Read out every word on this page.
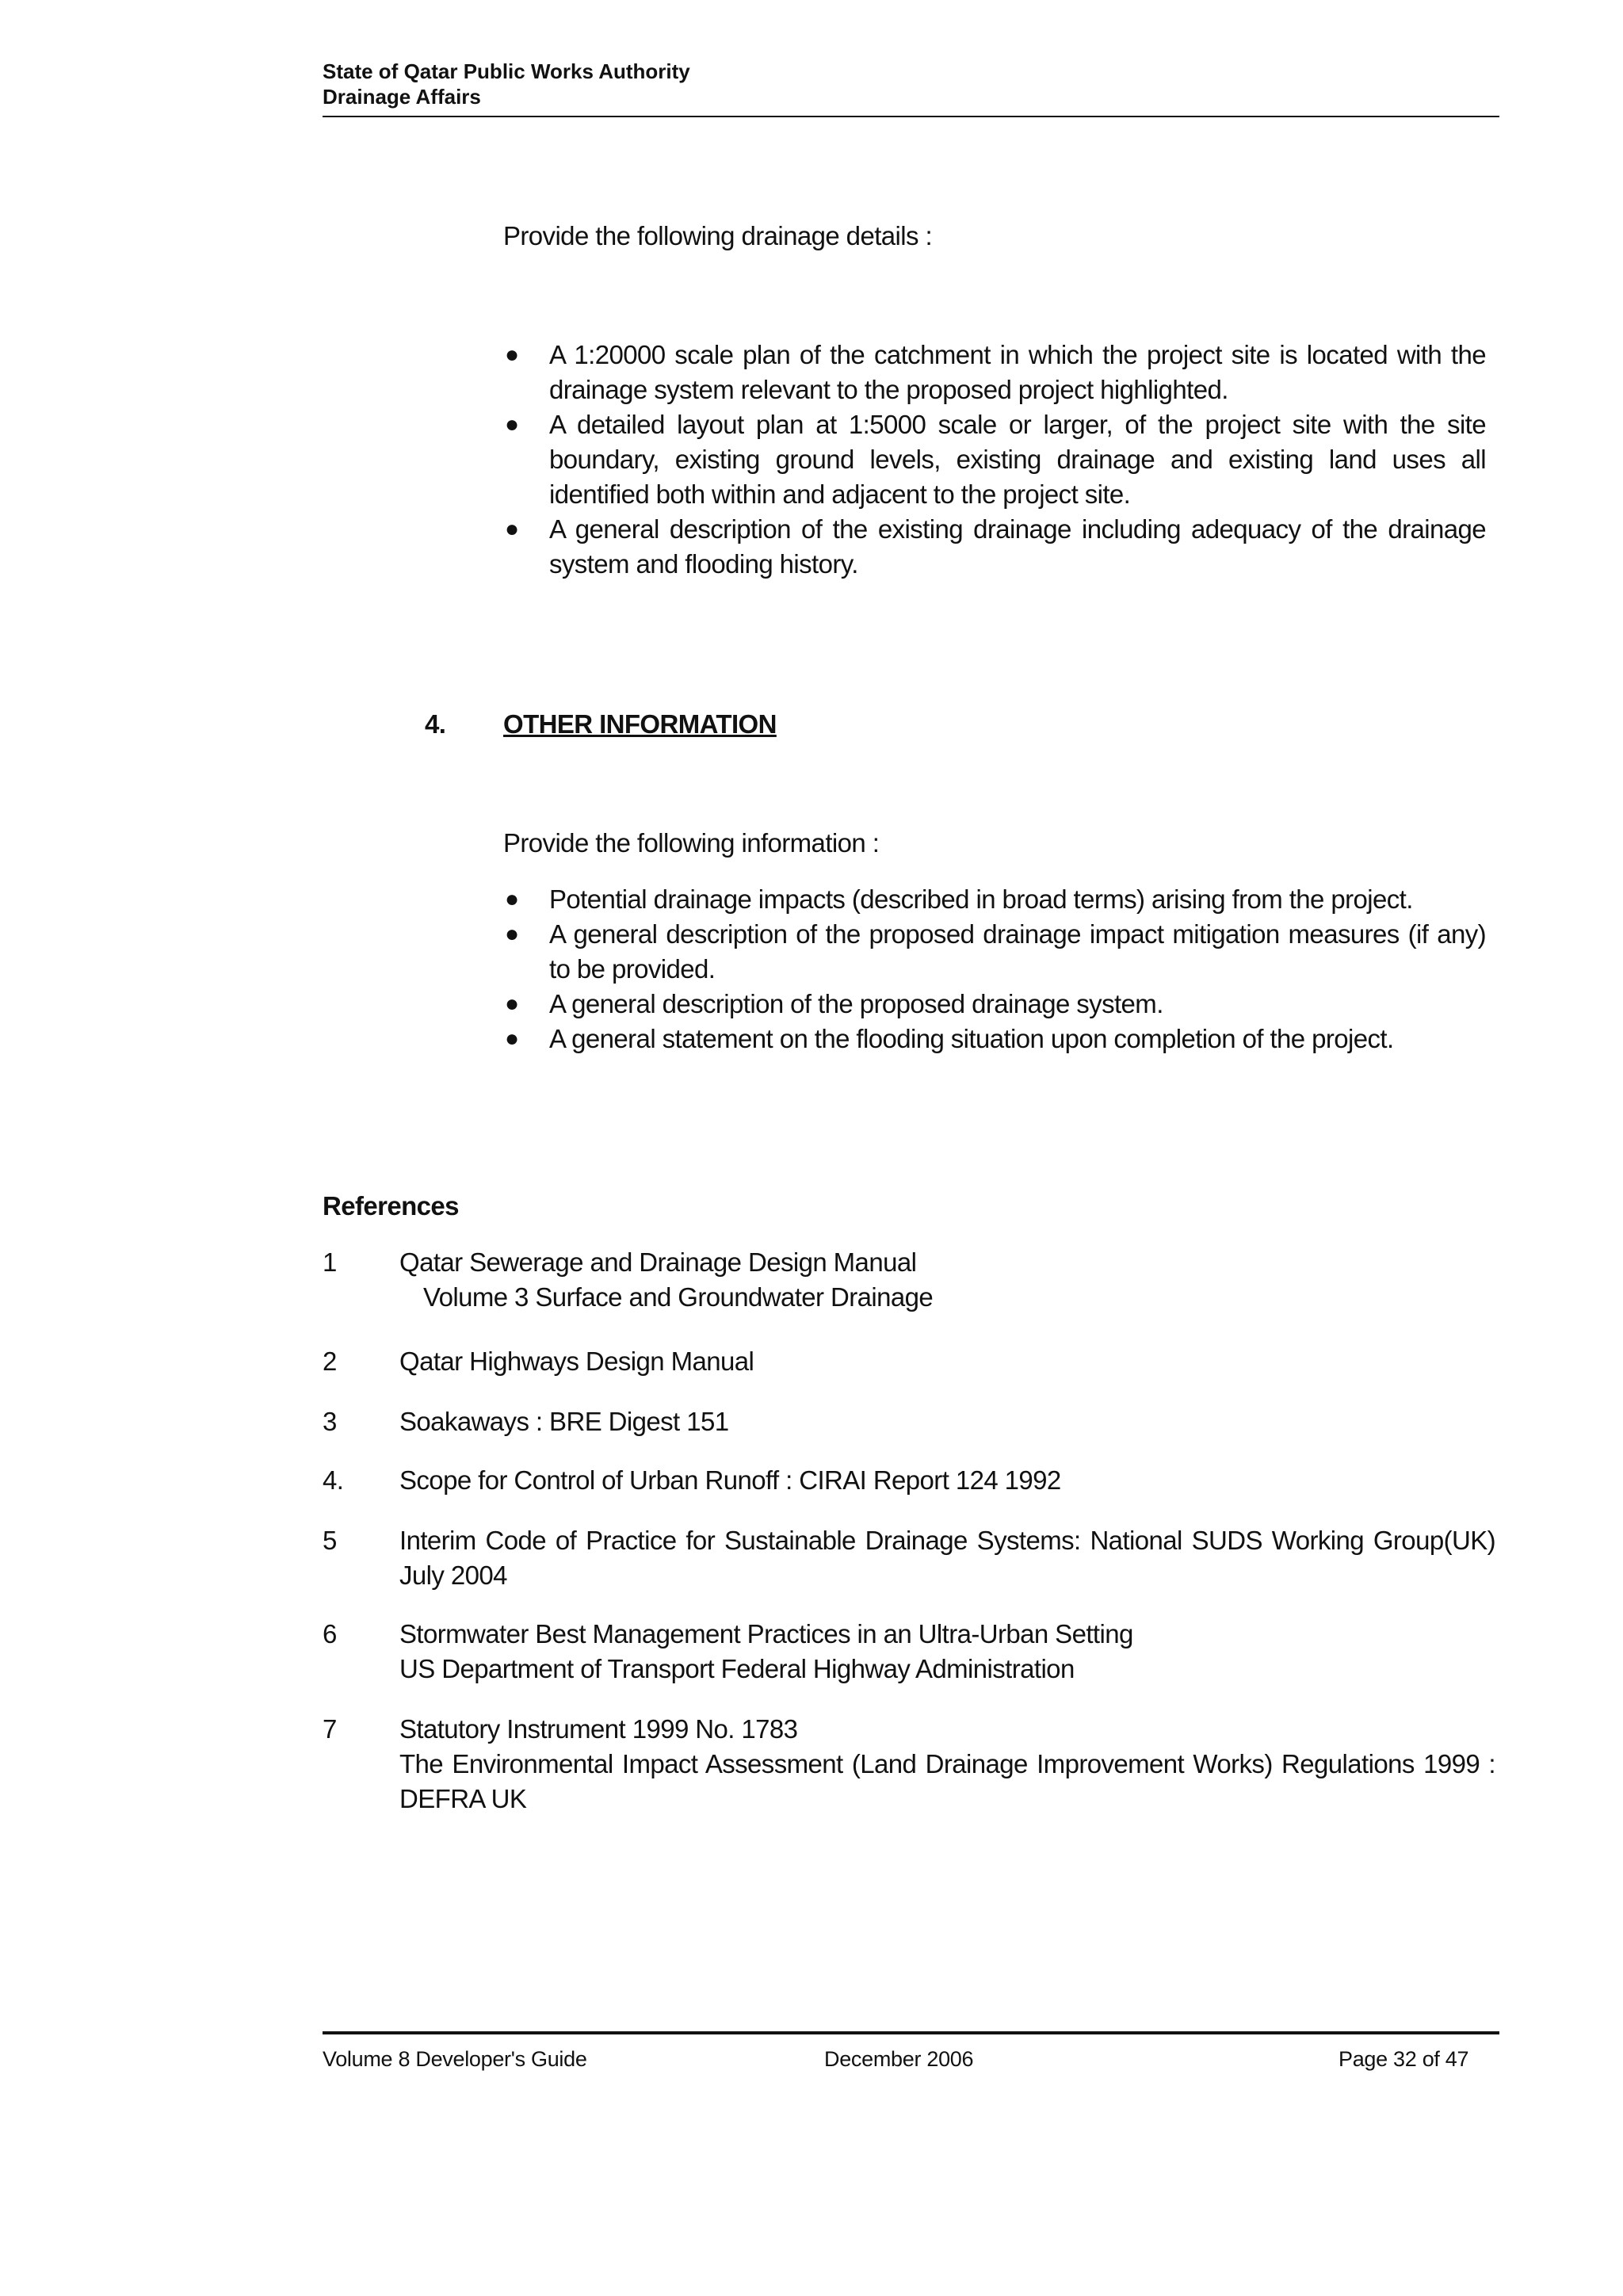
State of Qatar Public Works Authority
Drainage Affairs
Provide the following drainage details :
● A 1:20000 scale plan of the catchment in which the project site is located with the drainage system relevant to the proposed project highlighted.
● A detailed layout plan at 1:5000 scale or larger, of the project site with the site boundary, existing ground levels, existing drainage and existing land uses all identified both within and adjacent to the project site.
● A general description of the existing drainage including adequacy of the drainage system and flooding history.
4. OTHER INFORMATION
Provide the following information :
● Potential drainage impacts (described in broad terms) arising from the project.
● A general description of the proposed drainage impact mitigation measures (if any) to be provided.
● A general description of the proposed drainage system.
● A general statement on the flooding situation upon completion of the project.
References
1 Qatar Sewerage and Drainage Design Manual
Volume 3 Surface and Groundwater Drainage
2 Qatar Highways Design Manual
3 Soakaways : BRE Digest 151
4. Scope for Control of Urban Runoff : CIRAI Report 124 1992
5 Interim Code of Practice for Sustainable Drainage Systems: National SUDS Working Group(UK) July 2004
6 Stormwater Best Management Practices in an Ultra-Urban Setting
US Department of Transport Federal Highway Administration
7 Statutory Instrument 1999 No. 1783
The Environmental Impact Assessment (Land Drainage Improvement Works) Regulations 1999 : DEFRA UK
Volume 8 Developer's Guide	December 2006	Page 32 of 47
